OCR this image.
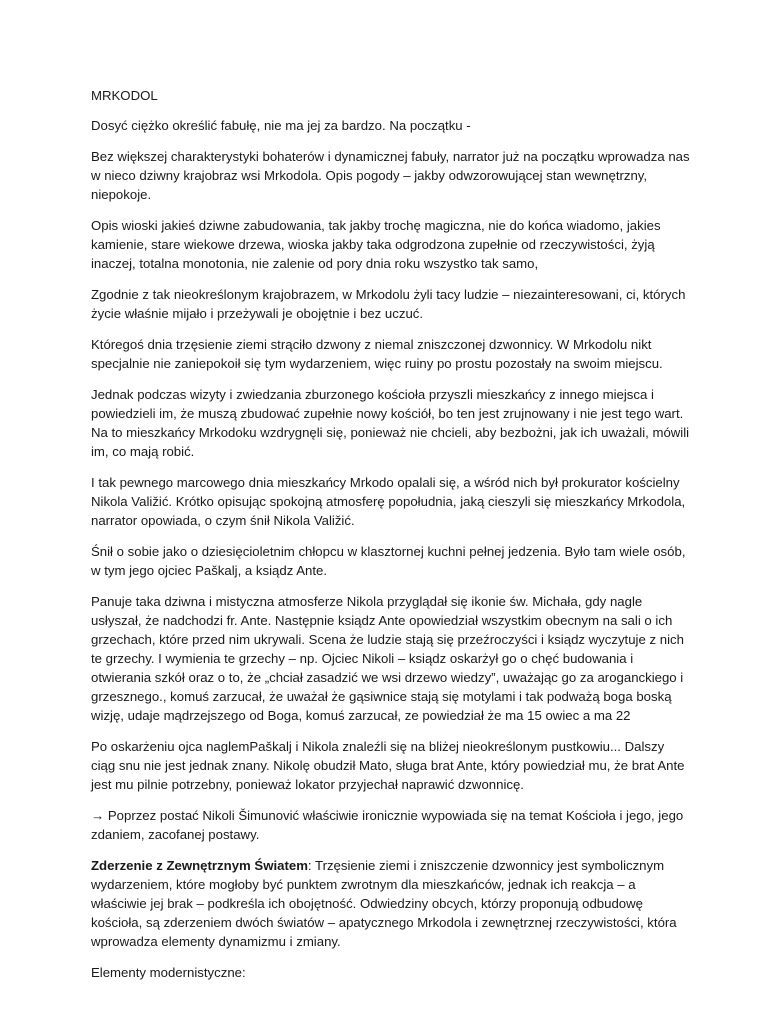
MRKODOL

Dosyć ciężko określić fabułę, nie ma jej za bardzo. Na początku -

Bez większej charakterystyki bohaterów i dynamicznej fabuły, narrator już na początku wprowadza nas w nieco dziwny krajobraz wsi Mrkodola. Opis pogody – jakby odwzorowującej stan wewnętrzny, niepokoje.

Opis wioski jakieś dziwne zabudowania, tak jakby trochę magiczna, nie do końca wiadomo, jakies kamienie, stare wiekowe drzewa, wioska jakby taka odgrodzona zupełnie od rzeczywistości, żyją inaczej, totalna monotonia, nie zalenie od pory dnia roku wszystko tak samo,

Zgodnie z tak nieokreślonym krajobrazem, w Mrkodolu żyli tacy ludzie – niezainteresowani, ci, których życie właśnie mijało i przeżywali je obojętnie i bez uczuć.

Któregoś dnia trzęsienie ziemi strąciło dzwony z niemal zniszczonej dzwonnicy. W Mrkodolu nikt specjalnie nie zaniepokoił się tym wydarzeniem, więc ruiny po prostu pozostały na swoim miejscu.

Jednak podczas wizyty i zwiedzania zburzonego kościoła przyszli mieszkańcy z innego miejsca i powiedzieli im, że muszą zbudować zupełnie nowy kościół, bo ten jest zrujnowany i nie jest tego wart. Na to mieszkańcy Mrkodoku wzdrygnęli się, ponieważ nie chcieli, aby bezbożni, jak ich uważali, mówili im, co mają robić.

I tak pewnego marcowego dnia mieszkańcy Mrkodo opalali się, a wśród nich był prokurator kościelny Nikola Valižić. Krótko opisując spokojną atmosferę popołudnia, jaką cieszyli się mieszkańcy Mrkodola, narrator opowiada, o czym śnił Nikola Valižić.

Śnił o sobie jako o dziesięcioletnim chłopcu w klasztornej kuchni pełnej jedzenia. Było tam wiele osób, w tym jego ojciec Paškalj, a ksiądz Ante.

Panuje taka dziwna i mistyczna atmosferze Nikola przyglądał się ikonie św. Michała, gdy nagle usłyszał, że nadchodzi fr. Ante. Następnie ksiądz Ante opowiedział wszystkim obecnym na sali o ich grzechach, które przed nim ukrywali. Scena że ludzie stają się przeźroczyści i ksiądz wyczytuje z nich te grzechy. I wymienia te grzechy – np. Ojciec Nikoli – ksiądz oskarżył go o chęć budowania i otwierania szkół oraz o to, że „chciał zasadzić we wsi drzewo wiedzy”, uważając go za aroganckiego i grzesznego., komuś zarzucał, że uważał że gąsiwnice stają się motylami i tak podważą boga boską wizję, udaje mądrzejszego od Boga, komuś zarzucał, ze powiedział że ma 15 owiec a ma 22

Po oskarżeniu ojca naglemPaškalj i Nikola znaleźli się na bliżej nieokreślonym pustkowiu... Dalszy ciąg snu nie jest jednak znany. Nikolę obudził Mato, sługa brat Ante, który powiedział mu, że brat Ante jest mu pilnie potrzebny, ponieważ lokator przyjechał naprawić dzwonnicę.

→ Poprzez postać Nikoli Šimunović właściwie ironicznie wypowiada się na temat Kościoła i jego, jego zdaniem, zacofanej postawy.

Zderzenie z Zewnętrznym Światem: Trzęsienie ziemi i zniszczenie dzwonnicy jest symbolicznym wydarzeniem, które mogłoby być punktem zwrotnym dla mieszkańców, jednak ich reakcja – a właściwie jej brak – podkreśla ich obojętność. Odwiedziny obcych, którzy proponują odbudowę kościoła, są zderzeniem dwóch światów – apatycznego Mrkodola i zewnętrznej rzeczywistości, która wprowadza elementy dynamizmu i zmiany.

Elementy modernistyczne:
